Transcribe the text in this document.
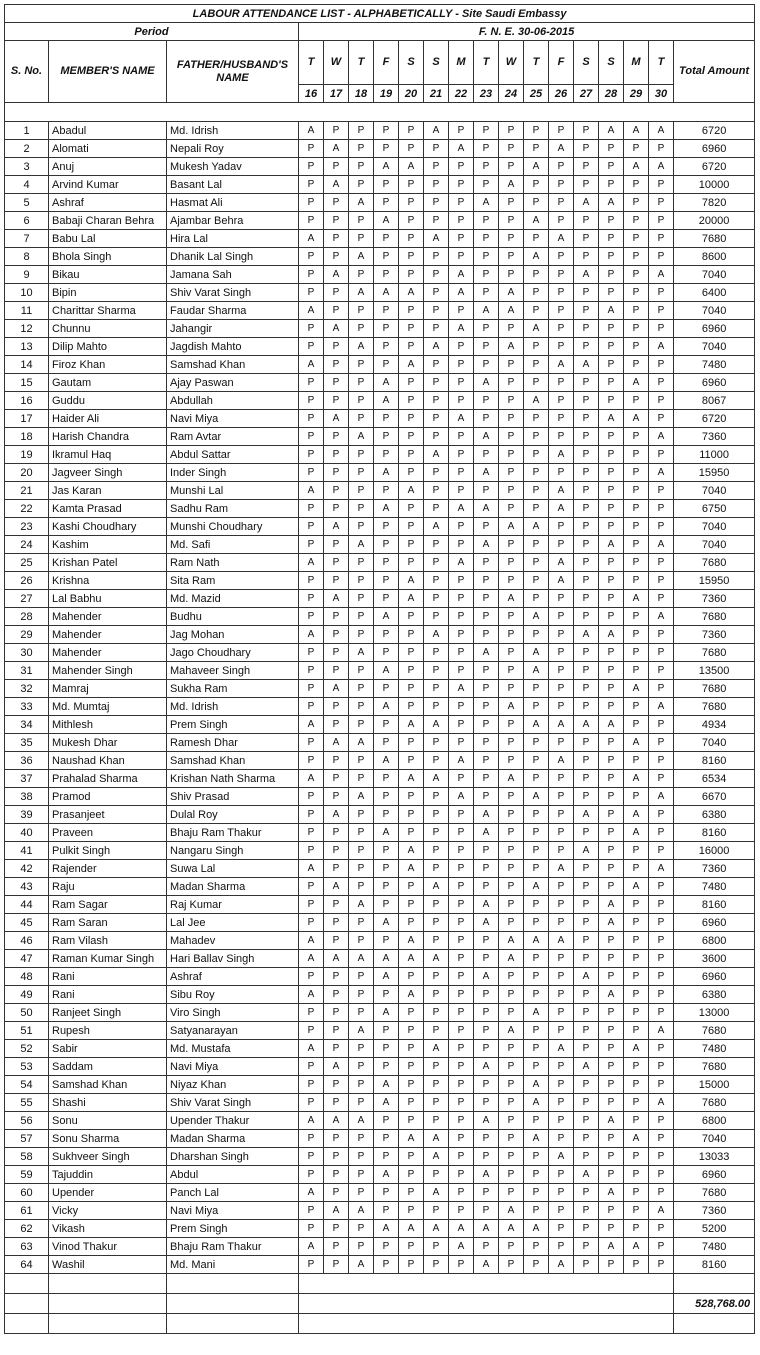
LABOUR ATTENDANCE LIST - ALPHABETICALLY - Site Saudi Embassy																		
Period			F. N. E. 30-06-2015															
S. No.	MEMBER'S NAME	FATHER/HUSBAND'S NAME	T	W	T	F	S	S	M	T	W	T	F	S	S	M	T	Total Amount
			16	17	18	19	20	21	22	23	24	25	26	27	28	29	30	

1	Abadul	Md. Idrish	A	P	P	P	P	A	P	P	P	P	P	P	A	A	A	6720
2	Alomati	Nepali Roy	P	A	P	P	P	P	A	P	P	P	A	P	P	P	P	6960
3	Anuj	Mukesh Yadav	P	P	P	A	A	P	P	P	P	A	P	P	P	A	A	6720
4	Arvind Kumar	Basant Lal	P	A	P	P	P	P	P	P	A	P	P	P	P	P	P	10000
5	Ashraf	Hasmat Ali	P	P	A	P	P	P	P	A	P	P	P	A	A	P	P	7820
6	Babaji Charan Behra	Ajambar Behra	P	P	P	A	P	P	P	P	P	A	P	P	P	P	P	20000
7	Babu Lal	Hira Lal	A	P	P	P	P	A	P	P	P	P	A	P	P	P	P	7680
8	Bhola Singh	Dhanik Lal Singh	P	P	A	P	P	P	P	P	P	A	P	P	P	P	P	8600
9	Bikau	Jamana Sah	P	A	P	P	P	P	A	P	P	P	P	A	P	P	A	7040
10	Bipin	Shiv Varat Singh	P	P	A	A	A	P	A	P	A	P	P	P	P	P	P	6400
11	Charittar Sharma	Faudar Sharma	A	P	P	P	P	P	P	A	A	P	P	P	A	P	P	7040
12	Chunnu	Jahangir	P	A	P	P	P	P	A	P	P	A	P	P	P	P	P	6960
13	Dilip Mahto	Jagdish Mahto	P	P	A	P	P	A	P	P	A	P	P	P	P	P	A	7040
14	Firoz Khan	Samshad Khan	A	P	P	P	A	P	P	P	P	P	A	A	P	P	P	7480
15	Gautam	Ajay Paswan	P	P	P	A	P	P	P	A	P	P	P	P	P	A	P	6960
16	Guddu	Abdullah	P	P	P	A	P	P	P	P	P	A	P	P	P	P	P	8067
17	Haider Ali	Navi Miya	P	A	P	P	P	P	A	P	P	P	P	P	A	A	P	6720
18	Harish Chandra	Ram Avtar	P	P	A	P	P	P	P	A	P	P	P	P	P	P	A	7360
19	Ikramul Haq	Abdul Sattar	P	P	P	P	P	A	P	P	P	P	A	P	P	P	P	11000
20	Jagveer Singh	Inder Singh	P	P	P	A	P	P	P	A	P	P	P	P	P	P	A	15950
21	Jas Karan	Munshi Lal	A	P	P	P	A	P	P	P	P	P	A	P	P	P	P	7040
22	Kamta Prasad	Sadhu Ram	P	P	P	A	P	P	A	A	P	P	A	P	P	P	P	6750
23	Kashi Choudhary	Munshi Choudhary	P	A	P	P	P	A	P	P	A	A	P	P	P	P	P	7040
24	Kashim	Md. Safi	P	P	A	P	P	P	P	A	P	P	P	P	A	P	A	7040
25	Krishan Patel	Ram Nath	A	P	P	P	P	P	A	P	P	P	A	P	P	P	P	7680
26	Krishna	Sita Ram	P	P	P	P	A	P	P	P	P	P	A	P	P	P	P	15950
27	Lal Babhu	Md. Mazid	P	A	P	P	A	P	P	P	A	P	P	P	P	A	P	7360
28	Mahender	Budhu	P	P	P	A	P	P	P	P	P	A	P	P	P	P	A	7680
29	Mahender	Jag Mohan	A	P	P	P	P	A	P	P	P	P	P	A	A	P	P	7360
30	Mahender	Jago Choudhary	P	P	A	P	P	P	P	A	P	A	P	P	P	P	P	7680
31	Mahender Singh	Mahaveer Singh	P	P	P	A	P	P	P	P	P	A	P	P	P	P	P	13500
32	Mamraj	Sukha Ram	P	A	P	P	P	P	A	P	P	P	P	P	P	A	P	7680
33	Md. Mumtaj	Md. Idrish	P	P	P	A	P	P	P	P	A	P	P	P	P	P	A	7680
34	Mithlesh	Prem Singh	A	P	P	P	A	A	P	P	P	A	A	A	A	P	P	4934
35	Mukesh Dhar	Ramesh Dhar	P	A	A	P	P	P	P	P	P	P	P	P	P	A	P	7040
36	Naushad Khan	Samshad Khan	P	P	P	A	P	P	A	P	P	P	A	P	P	P	P	8160
37	Prahalad Sharma	Krishan Nath Sharma	A	P	P	P	A	A	P	P	A	P	P	P	P	A	P	6534
38	Pramod	Shiv Prasad	P	P	A	P	P	P	A	P	P	A	P	P	P	P	A	6670
39	Prasanjeet	Dulal Roy	P	A	P	P	P	P	P	A	P	P	P	A	P	A	P	6380
40	Praveen	Bhaju Ram Thakur	P	P	P	A	P	P	P	A	P	P	P	P	P	A	P	8160
41	Pulkit Singh	Nangaru Singh	P	P	P	P	A	P	P	P	P	P	P	A	P	P	P	16000
42	Rajender	Suwa Lal	A	P	P	P	A	P	P	P	P	P	A	P	P	P	A	7360
43	Raju	Madan Sharma	P	A	P	P	P	A	P	P	P	A	P	P	P	A	P	7480
44	Ram Sagar	Raj Kumar	P	P	A	P	P	P	P	A	P	P	P	P	A	P	P	8160
45	Ram Saran	Lal Jee	P	P	P	A	P	P	P	A	P	P	P	P	A	P	P	6960
46	Ram Vilash	Mahadev	A	P	P	P	A	P	P	P	A	A	A	P	P	P	P	6800
47	Raman Kumar Singh	Hari Ballav Singh	A	A	A	A	A	A	P	P	A	P	P	P	P	P	P	3600
48	Rani	Ashraf	P	P	P	A	P	P	P	A	P	P	P	A	P	P	P	6960
49	Rani	Sibu Roy	A	P	P	P	A	P	P	P	P	P	P	P	A	P	P	6380
50	Ranjeet Singh	Viro Singh	P	P	P	A	P	P	P	P	P	A	P	P	P	P	P	13000
51	Rupesh	Satyanarayan	P	P	A	P	P	P	P	P	A	P	P	P	P	P	A	7680
52	Sabir	Md. Mustafa	A	P	P	P	P	A	P	P	P	P	A	P	P	A	P	7480
53	Saddam	Navi Miya	P	A	P	P	P	P	P	A	P	P	P	A	P	P	P	7680
54	Samshad Khan	Niyaz Khan	P	P	P	A	P	P	P	P	P	A	P	P	P	P	P	15000
55	Shashi	Shiv Varat Singh	P	P	P	A	P	P	P	P	P	A	P	P	P	P	A	7680
56	Sonu	Upender Thakur	A	A	A	P	P	P	P	A	P	P	P	P	A	P	P	6800
57	Sonu Sharma	Madan Sharma	P	P	P	P	A	A	P	P	P	A	P	P	P	A	P	7040
58	Sukhveer Singh	Dharshan Singh	P	P	P	P	P	A	P	P	P	P	A	P	P	P	P	13033
59	Tajuddin	Abdul	P	P	P	A	P	P	P	A	P	P	P	A	P	P	P	6960
60	Upender	Panch Lal	A	P	P	P	P	A	P	P	P	P	P	P	A	P	P	7680
61	Vicky	Navi Miya	P	A	A	P	P	P	P	P	A	P	P	P	P	P	A	7360
62	Vikash	Prem Singh	P	P	P	A	A	A	A	A	A	A	P	P	P	P	P	5200
63	Vinod Thakur	Bhaju Ram Thakur	A	P	P	P	P	P	A	P	P	P	P	P	A	A	P	7480
64	Washil	Md. Mani	P	P	A	P	P	P	P	A	P	P	A	P	P	P	P	8160

																		528,768.00
